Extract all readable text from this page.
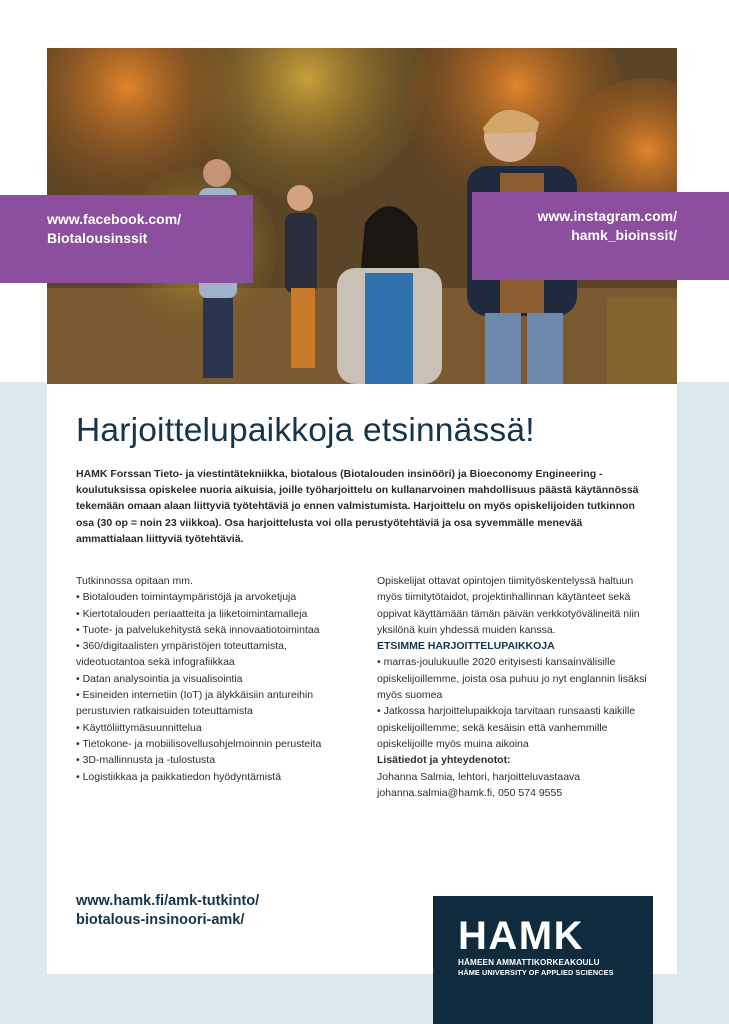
www.facebook.com/
Biotalousinssit
www.instagram.com/
hamk_bioinssit/
Harjoittelupaikkoja etsinnässä!

HAMK Forssan Tieto- ja viestintätekniikka, biotalous (Biotalouden insinööri) ja Bioeconomy Engineering -koulutuksissa opiskelee nuoria aikuisia, joille työharjoittelu on kullanarvoinen mahdollisuus päästä käytännössä tekemään omaan alaan liittyviä työtehtäviä jo ennen valmistumista. Harjoittelu on myös opiskelijoiden tutkinnon osa (30 op = noin 23 viikkoa). Osa harjoittelusta voi olla perustyötehtäviä ja osa syvemmälle menevää ammattialaan liittyviä työtehtäviä.

Tutkinnossa opitaan mm.

• Biotalouden toimintaympäristöjä ja arvoketjuja
• Kiertotalouden periaatteita ja liiketoimintamalleja
• Tuote- ja palvelukehitystä sekä innovaatiotoimintaa
• 360/digitaalisten ympäristöjen toteuttamista, videotuotantoa sekä infografiikkaa
• Datan analysointia ja visualisointia
• Esineiden internetiin (IoT) ja älykkäisiin antureihin perustuvien ratkaisuiden toteuttamista
• Käyttöliittymäsuunnittelua
• Tietokone- ja mobiilisovellusohjelmoinnin perusteita
• 3D-mallinnusta ja -tulostusta
• Logistiikkaa ja paikkatiedon hyödyntämistä

Opiskelijat ottavat opintojen tiimityöskentelyssä haltuun myös tiimitytötaidot, projektinhallinnan käytänteet sekä oppivat käyttämään tämän päivän verkkotyövälineitä niin yksilönä kuin yhdessä muiden kanssa.

ETSIMME HARJOITTELUPAIKKOJA

• marras-joulukuulle 2020 erityisesti kansainvälisille opiskelijoillemme, joista osa puhuu jo nyt englannin lisäksi myös suomea
• Jatkossa harjoittelupaikkoja tarvitaan runsaasti kaikille opiskelijoillemme; sekä kesäisin että vanhemmille opiskelijoille myös muina aikoina

Lisätiedot ja yhteydenotot:

Johanna Salmia, lehtori, harjoitteluvastaava

johanna.salmia@hamk.fi, 050 574 9555

www.hamk.fi/amk-tutkinto/
biotalous-insinoori-amk/	HAMK
HÄMEEN AMMATTIKORKEAKOULU
HÄME UNIVERSITY OF APPLIED SCIENCES
